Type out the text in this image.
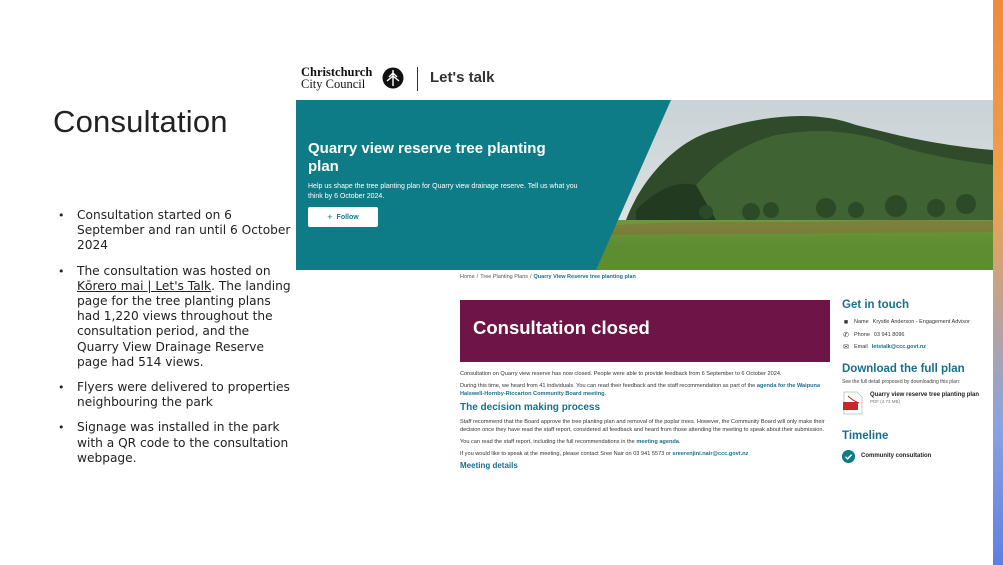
Consultation
• Consultation started on 6 September and ran until 6 October 2024
• The consultation was hosted on Kōrero mai | Let's Talk. The landing page for the tree planting plans had 1,220 views throughout the consultation period, and the Quarry View Drainage Reserve page had 514 views.
• Flyers were delivered to properties neighbouring the park
• Signage was installed in the park with a QR code to the consultation webpage.
Christchurch
City Council	Let's talk
Quarry view reserve tree planting plan
Help us shape the tree planting plan for Quarry view drainage reserve. Tell us what you think by 6 October 2024.
+ Follow
Home / Tree Planting Plans / Quarry View Reserve tree planting plan
Consultation closed

Consultation on Quarry view reserve has now closed. People were able to provide feedback from 6 September to 6 October 2024.

During this time, we heard from 41 individuals. You can read their feedback and the staff recommendation as part of the agenda for the Waipuna Halswell-Hornby-Riccarton Community Board meeting.

The decision making process

Staff recommend that the Board approve the tree planting plan and removal of the poplar trees. However, the Community Board will only make their decision once they have read the staff report, considered all feedback and heard from those attending the meeting to speak about their submission.

You can read the staff report, including the full recommendations in the meeting agenda.

If you would like to speak at the meeting, please contact Sree Nair on 03 941 5573 or sreerenjini.nair@ccc.govt.nz

Meeting details
Get in touch
■	Name Krystle Anderson - Engagement Advisor
✆ Phone 03 941 8096
✉ Email letstalk@ccc.govt.nz
Download the full plan
See the full detail proposed by downloading this plan:
Quarry view reserve tree planting plan
PDF (4.73 MB)
Timeline
Community consultation
